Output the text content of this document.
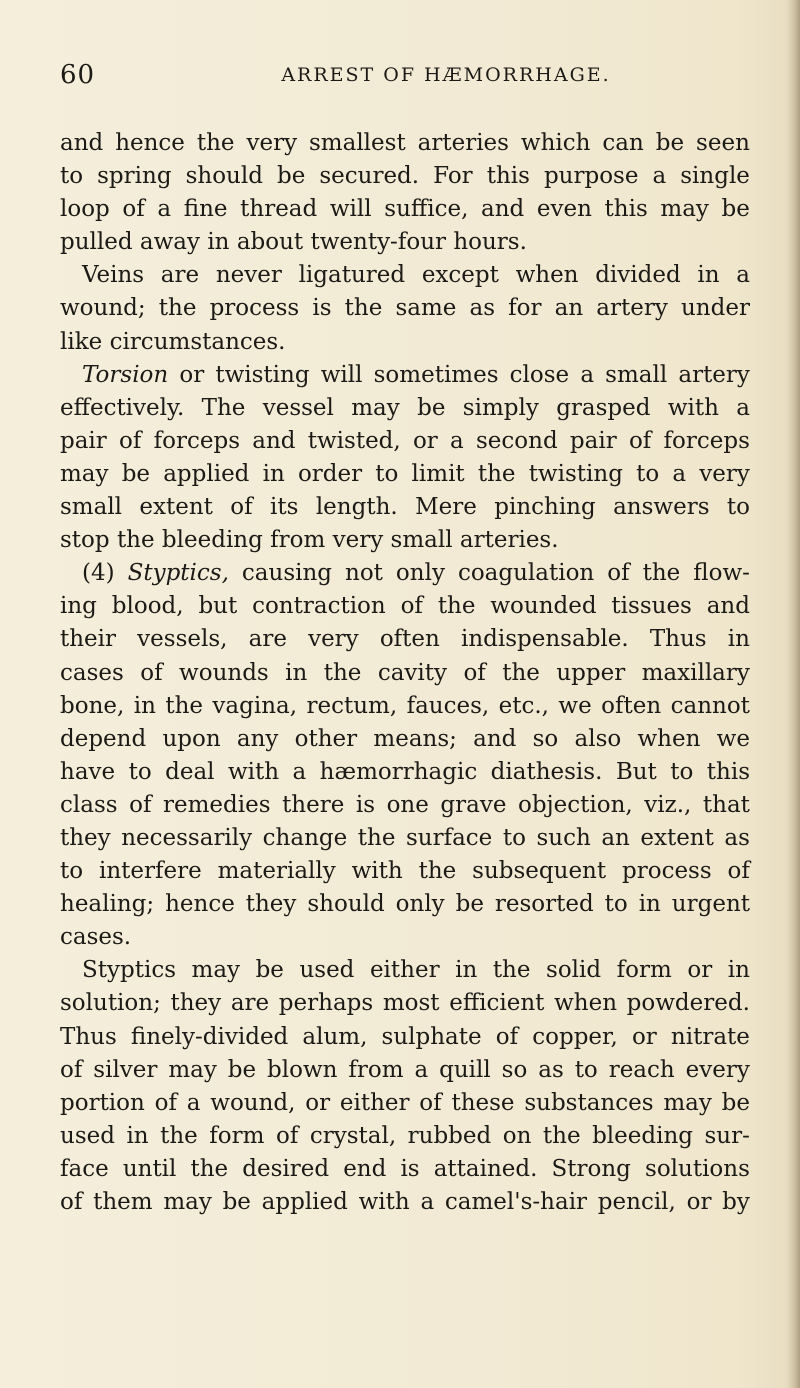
60	ARREST OF HÆMORRHAGE.
and hence the very smallest arteries which can be seen
to spring should be secured. For this purpose a single
loop of a fine thread will suffice, and even this may be
pulled away in about twenty-four hours.
Veins are never ligatured except when divided in a
wound; the process is the same as for an artery under
like circumstances.
Torsion or twisting will sometimes close a small artery
effectively. The vessel may be simply grasped with a
pair of forceps and twisted, or a second pair of forceps
may be applied in order to limit the twisting to a very
small extent of its length. Mere pinching answers to
stop the bleeding from very small arteries.
(4) Styptics, causing not only coagulation of the flow-
ing blood, but contraction of the wounded tissues and
their vessels, are very often indispensable. Thus in
cases of wounds in the cavity of the upper maxillary
bone, in the vagina, rectum, fauces, etc., we often cannot
depend upon any other means; and so also when we
have to deal with a hæmorrhagic diathesis. But to this
class of remedies there is one grave objection, viz., that
they necessarily change the surface to such an extent as
to interfere materially with the subsequent process of
healing; hence they should only be resorted to in urgent
cases.
Styptics may be used either in the solid form or in
solution; they are perhaps most efficient when powdered.
Thus finely-divided alum, sulphate of copper, or nitrate
of silver may be blown from a quill so as to reach every
portion of a wound, or either of these substances may be
used in the form of crystal, rubbed on the bleeding sur-
face until the desired end is attained. Strong solutions
of them may be applied with a camel's-hair pencil, or by
